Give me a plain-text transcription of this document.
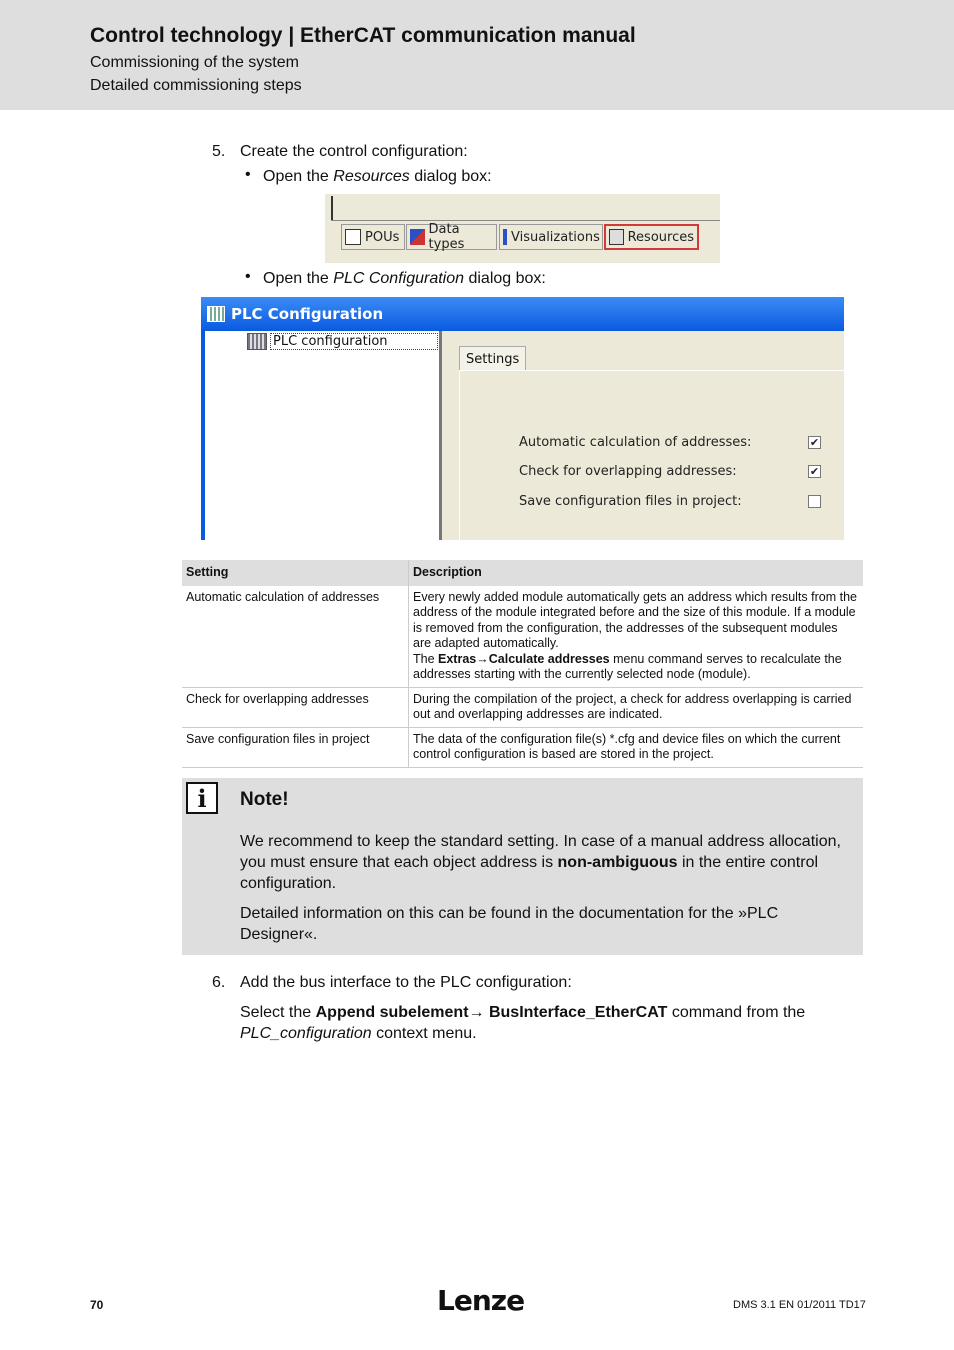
Control technology | EtherCAT communication manual
Commissioning of the system
Detailed commissioning steps
5. Create the control configuration:
• Open the Resources dialog box:
POUs Data types	Visualizations Resources
• Open the PLC Configuration dialog box:
PLC Configuration
PLC configuration
Settings
Automatic calculation of addresses:	✔
Check for overlapping addresses:	✔
Save configuration files in project:
Setting	Description
Automatic calculation of addresses	Every newly added module automatically gets an address which results from the address of the module integrated before and the size of this module. If a module is removed from the configuration, the addresses of the subsequent modules are adapted automatically.
The Extras→Calculate addresses menu command serves to recalculate the addresses starting with the currently selected node (module).

Check for overlapping addresses	During the compilation of the project, a check for address overlapping is carried out and overlapping addresses are indicated.
Save configuration files in project	The data of the configuration file(s) *.cfg and device files on which the current control configuration is based are stored in the project.
i	Note!
We recommend to keep the standard setting. In case of a manual address allocation, you must ensure that each object address is non-ambiguous in the entire control configuration.
Detailed information on this can be found in the documentation for the »PLC Designer«.
6. Add the bus interface to the PLC configuration:
Select the Append subelement→ BusInterface_EtherCAT command from the PLC_configuration context menu.
70	Lenze	DMS 3.1 EN 01/2011 TD17
